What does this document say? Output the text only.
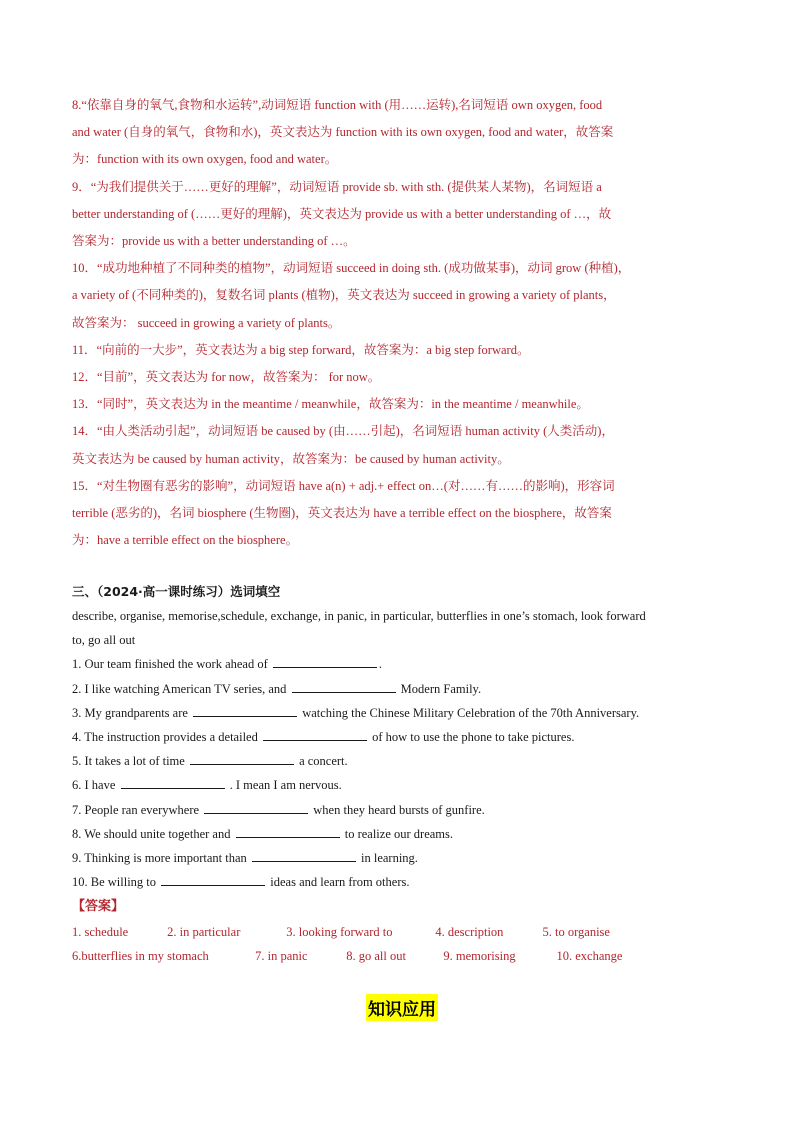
8.“依靠自身的氧气,食物和水运转”,动词短语 function with (用……运转),名词短语 own oxygen, food
and water (自身的氧气，食物和水)，英文表达为 function with its own oxygen, food and water，故答案
为：function with its own oxygen, food and water。
9．“为我们提供关于……更好的理解”，动词短语 provide sb. with sth. (提供某人某物)，名词短语 a
better understanding of (……更好的理解)，英文表达为 provide us with a better understanding of …，故
答案为：provide us with a better understanding of …。
10．“成功地种植了不同种类的植物”，动词短语 succeed in doing sth. (成功做某事)，动词 grow (种植)，
a variety of (不同种类的)，复数名词 plants (植物)，英文表达为 succeed in growing a variety of plants，
故答案为： succeed in growing a variety of plants。
11．“向前的一大步”，英文表达为 a big step forward，故答案为：a big step forward。
12．“目前”，英文表达为 for now，故答案为： for now。
13．“同时”，英文表达为 in the meantime / meanwhile，故答案为：in the meantime / meanwhile。
14．“由人类活动引起”，动词短语 be caused by (由……引起)，名词短语 human activity (人类活动)，
英文表达为 be caused by human activity，故答案为：be caused by human activity。
15．“对生物圈有恶劣的影响”，动词短语 have a(n) + adj.+ effect on…(对……有……的影响)，形容词
terrible (恶劣的)，名词 biosphere (生物圈)，英文表达为 have a terrible effect on the biosphere，故答案
为：have a terrible effect on the biosphere。
三、（2024·高一课时练习）选词填空
describe, organise, memorise,schedule, exchange, in panic, in particular, butterflies in one’s stomach, look forward
to, go all out
1. Our team finished the work ahead of	.
2. I like watching American TV series, and	Modern Family.
3. My grandparents are	watching the Chinese Military Celebration of the 70th Anniversary.
4. The instruction provides a detailed	of how to use the phone to take pictures.
5. It takes a lot of time	a concert.
6. I have	. I mean I am nervous.
7. People ran everywhere	when they heard bursts of gunfire.
8. We should unite together and	to realize our dreams.
9. Thinking is more important than	in learning.
10. Be willing to	ideas and learn from others.
【答案】
1. schedule	2. in particular	3. looking forward to	4. description	5. to organise
6.butterflies in my stomach	7. in panic	8. go all out	9. memorising	10. exchange
知识应用
